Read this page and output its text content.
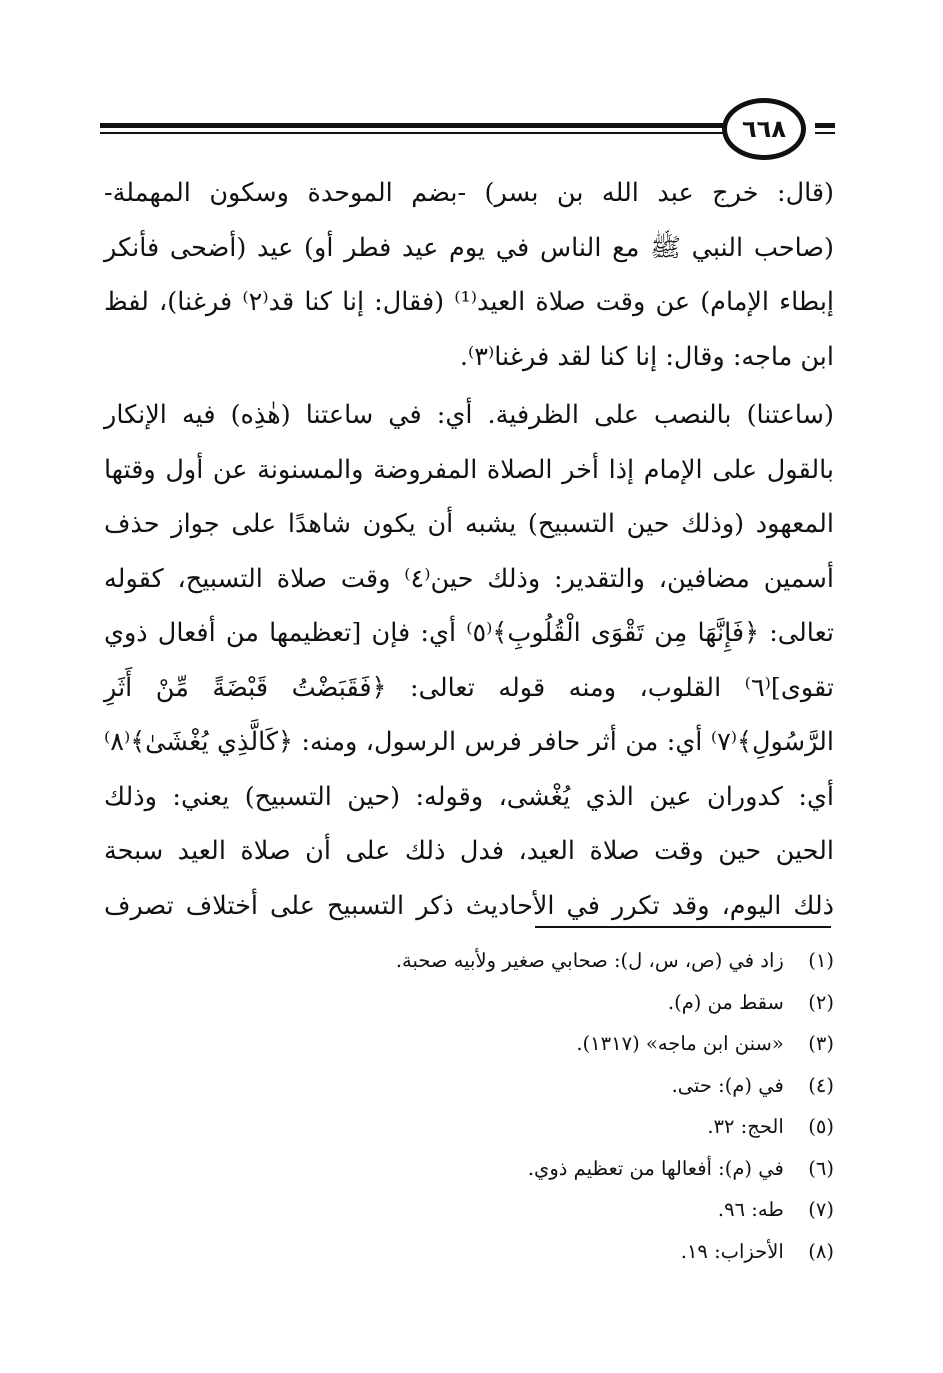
٦٦٨

(قال: خرج عبد الله بن بسر) -بضم الموحدة وسكون المهملة-
(صاحب النبي ﷺ مع الناس في يوم عيد فطر أو) عيد (أضحى فأنكر
إبطاء الإمام) عن وقت صلاة العيد⁽¹⁾ (فقال: إنا كنا قد⁽٢⁾ فرغنا)، لفظ
ابن ماجه: وقال: إنا كنا لقد فرغنا⁽٣⁾.

(ساعتنا) بالنصب على الظرفية. أي: في ساعتنا (هٰذِه) فيه الإنكار
بالقول على الإمام إذا أخر الصلاة المفروضة والمسنونة عن أول وقتها
المعهود (وذلك حين التسبيح) يشبه أن يكون شاهدًا على جواز حذف
أسمين مضافين، والتقدير: وذلك حين⁽٤⁾ وقت صلاة التسبيح، كقوله
تعالى: ﴿فَإِنَّهَا مِن تَقْوَى الْقُلُوبِ﴾⁽٥⁾ أي: فإن [تعظيمها من أفعال ذوي
تقوى]⁽٦⁾ القلوب، ومنه قوله تعالى: ﴿فَقَبَضْتُ قَبْضَةً مِّنْ أَثَرِ
الرَّسُولِ﴾⁽٧⁾ أي: من أثر حافر فرس الرسول، ومنه: ﴿كَالَّذِي يُغْشَىٰ﴾⁽٨⁾
أي: كدوران عين الذي يُغْشى، وقوله: (حين التسبيح) يعني: وذلك
الحين حين وقت صلاة العيد، فدل ذلك على أن صلاة العيد سبحة
ذلك اليوم، وقد تكرر في الأحاديث ذكر التسبيح على أختلاف تصرف

(١) زاد في (ص، س، ل): صحابي صغير ولأبيه صحبة.
(٢) سقط من (م).
(٣) «سنن ابن ماجه» (١٣١٧).
(٤) في (م): حتى.
(٥) الحج: ٣٢.
(٦) في (م): أفعالها من تعظيم ذوي.
(٧) طه: ٩٦.
(٨) الأحزاب: ١٩.
